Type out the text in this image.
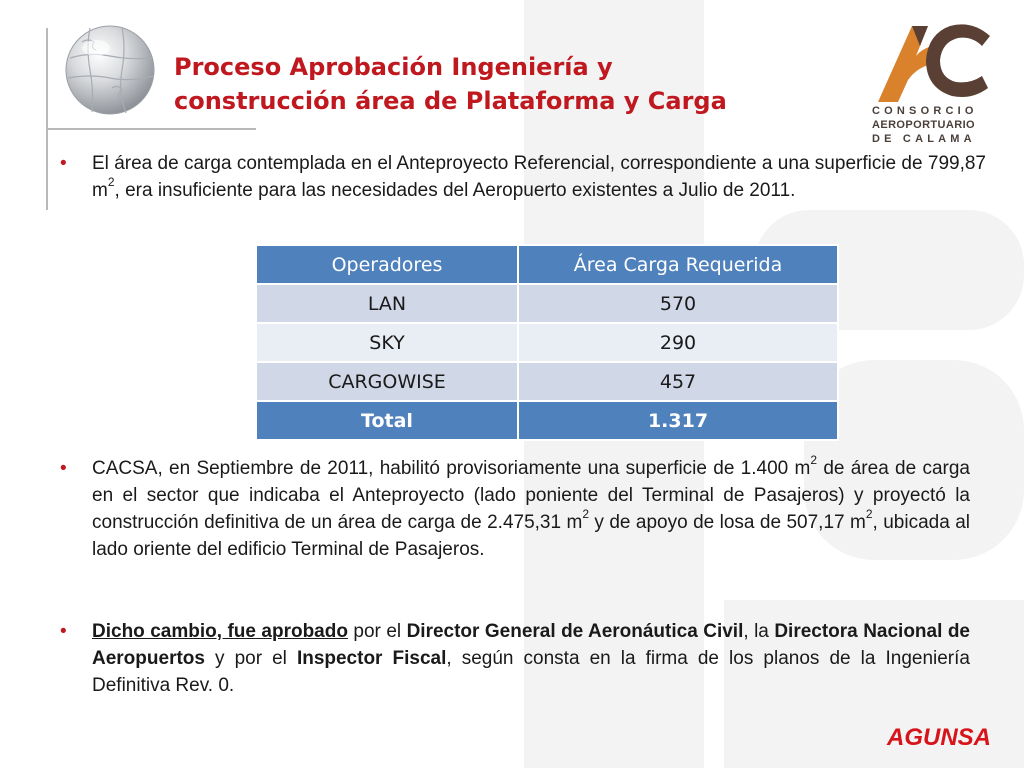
Proceso Aprobación Ingeniería y
construcción área de Plataforma y Carga	CONSORCIO
AEROPORTUARIO
DE CALAMA
• El área de carga contemplada en el Anteproyecto Referencial, correspondiente a una superficie de 799,87 $m^2$, era insuficiente para las necesidades del Aeropuerto existentes a Julio de 2011.
Operadores	Área Carga Requerida
LAN	570
SKY	290
CARGOWISE	457
Total	1.317
• CACSA, en Septiembre de 2011, habilitó provisoriamente una superficie de 1.400 $m^2$ de área de carga en el sector que indicaba el Anteproyecto (lado poniente del Terminal de Pasajeros) y proyectó la construcción definitiva de un área de carga de 2.475,31 $m^2$ y de apoyo de losa de 507,17 $m^2$, ubicada al lado oriente del edificio Terminal de Pasajeros.
• Dicho cambio, fue aprobado por el Director General de Aeronáutica Civil, la Directora Nacional de Aeropuertos y por el Inspector Fiscal, según consta en la firma de los planos de la Ingeniería Definitiva Rev. 0.
AGUNSA
